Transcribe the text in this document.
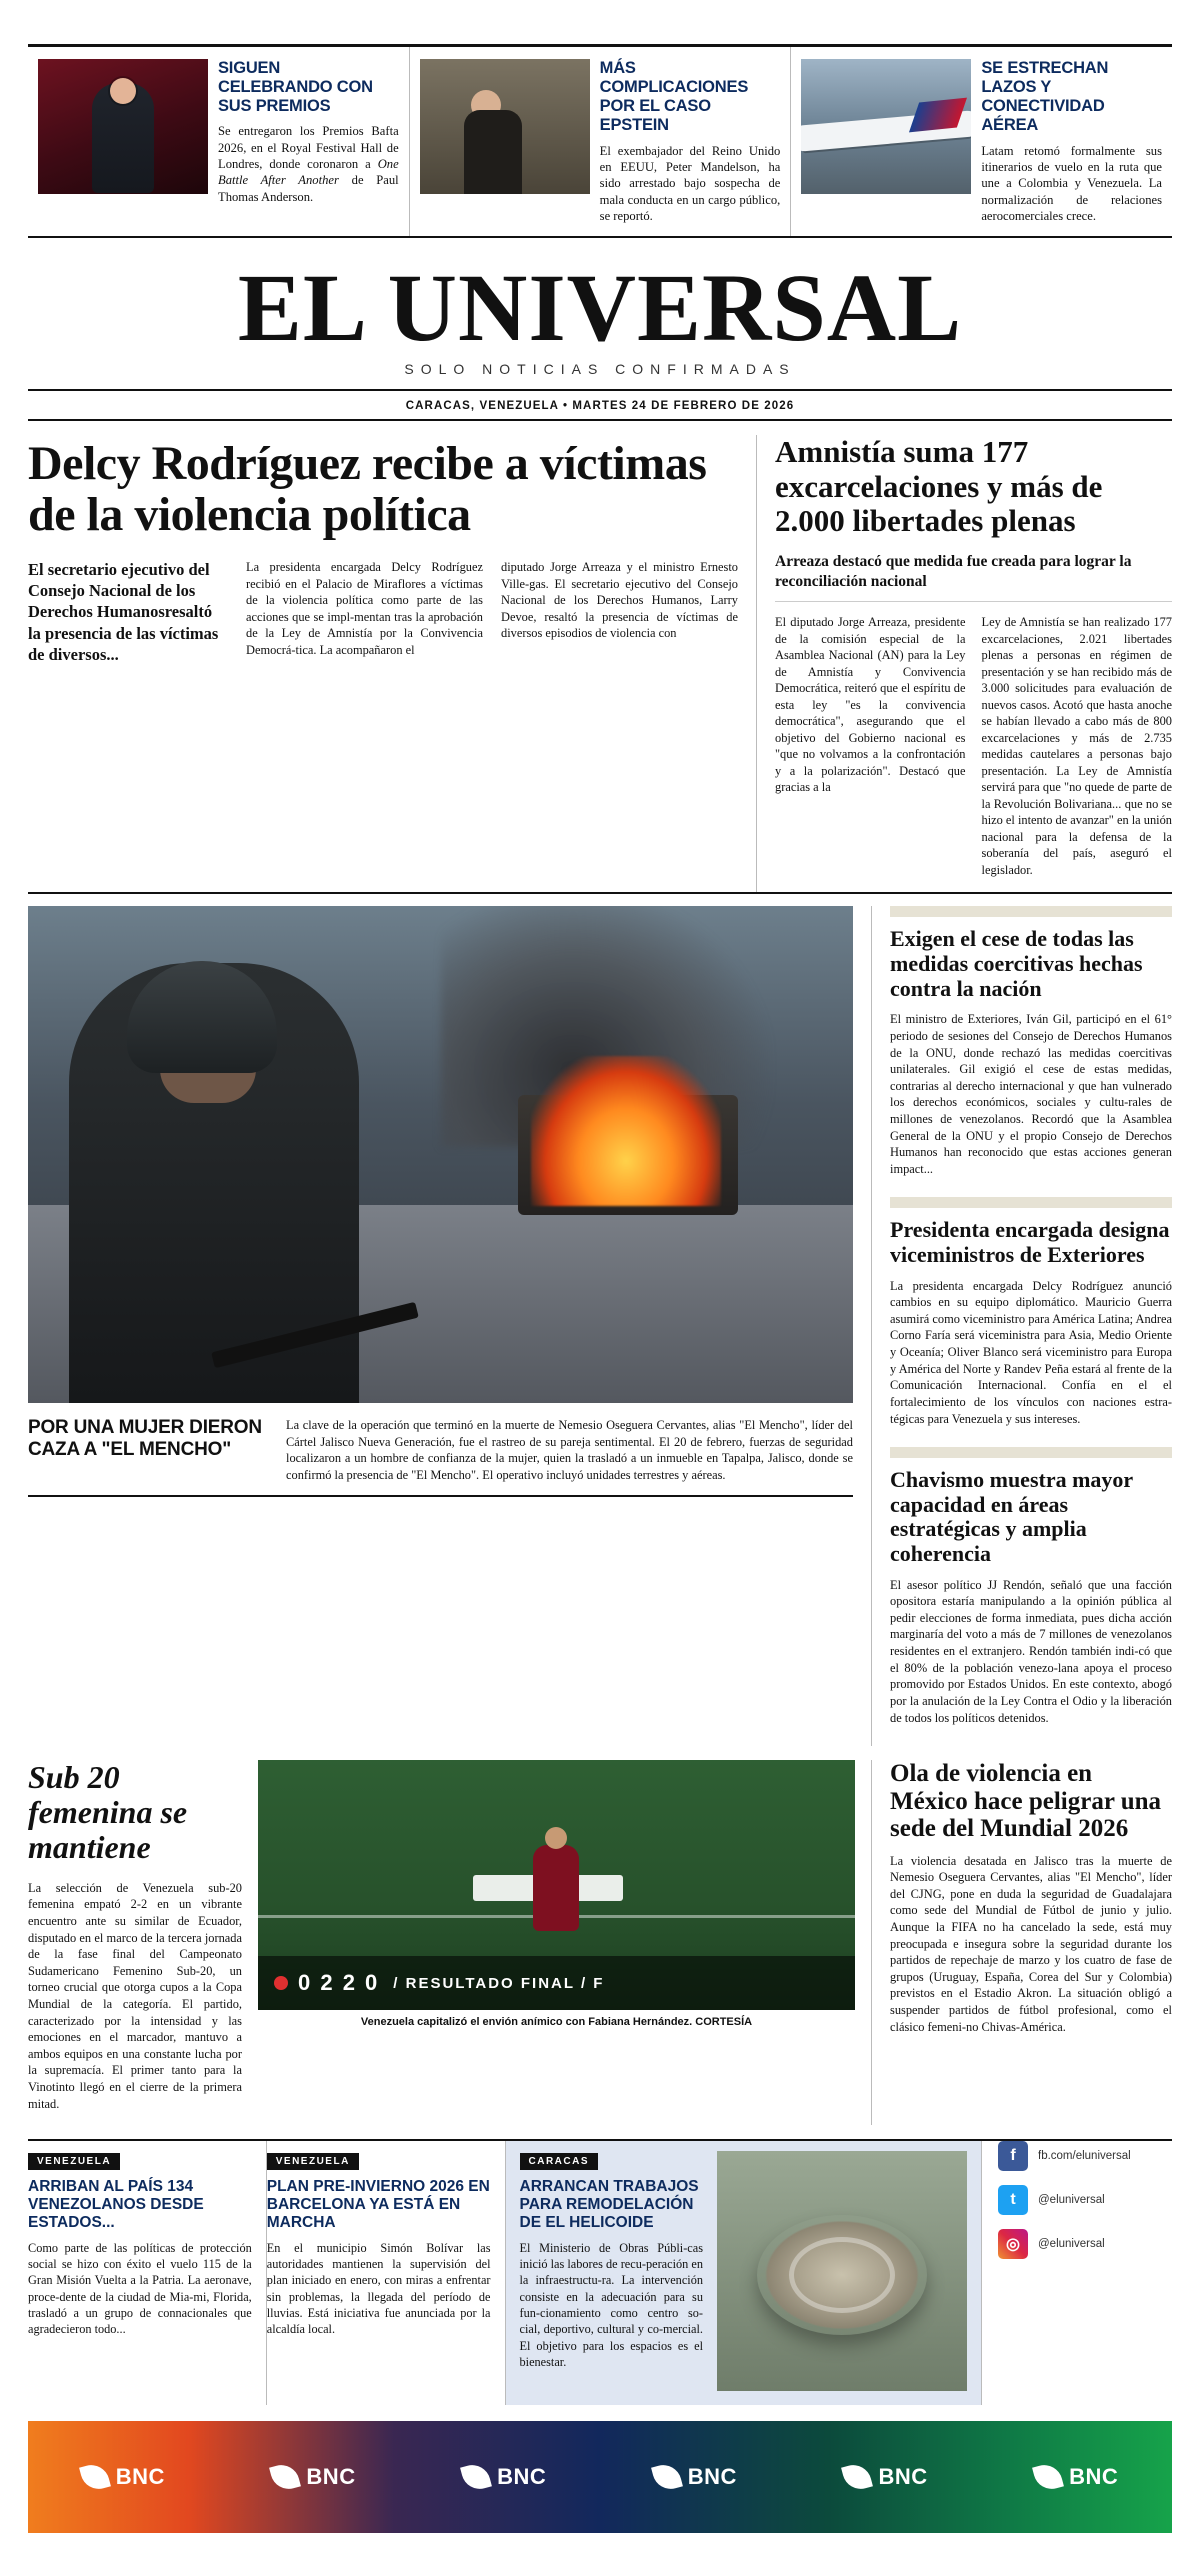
SIGUEN CELEBRANDO CON SUS PREMIOS

Se entregaron los Premios Bafta 2026, en el Royal Festival Hall de Londres, donde coronaron a One Battle After Another de Paul Thomas Anderson.

MÁS COMPLICACIONES POR EL CASO EPSTEIN

El exembajador del Reino Unido en EEUU, Peter Mandelson, ha sido arrestado bajo sospecha de mala conducta en un cargo público, se reportó.

SE ESTRECHAN LAZOS Y CONECTIVIDAD AÉREA

Latam retomó formalmente sus itinerarios de vuelo en la ruta que une a Colombia y Venezuela. La normalización de relaciones aerocomerciales crece.

EL UNIVERSAL
SOLO NOTICIAS CONFIRMADAS
CARACAS, VENEZUELA • MARTES 24 DE FEBRERO DE 2026
Delcy Rodríguez recibe a víctimas de la violencia política
El secretario ejecutivo del Consejo Nacional de los Derechos Humanosresaltó la presencia de las víctimas de diversos...
La presidenta encargada Delcy Rodríguez recibió en el Palacio de Miraflores a víctimas de la violencia política como parte de las acciones que se impl-mentan tras la aprobación de la Ley de Amnistía por la Convivencia Democrá-tica. La acompañaron el
diputado Jorge Arreaza y el ministro Ernesto Ville-gas. El secretario ejecutivo del Consejo Nacional de los Derechos Humanos, Larry Devoe, resaltó la presencia de víctimas de diversos episodios de violencia con
Amnistía suma 177 excarcelaciones y más de 2.000 libertades plenas
Arreaza destacó que medida fue creada para lograr la reconciliación nacional

El diputado Jorge Arreaza, presidente de la comisión especial de la Asamblea Nacional (AN) para la Ley de Amnistía y Convivencia Democrática, reiteró que el espíritu de esta ley "es la convivencia democrática", asegurando que el objetivo del Gobierno nacional es "que no volvamos a la confrontación y a la polarización". Destacó que gracias a la

Ley de Amnistía se han realizado 177 excarcelaciones, 2.021 libertades plenas a personas en régimen de presentación y se han recibido más de 3.000 solicitudes para evaluación de nuevos casos. Acotó que hasta anoche se habían llevado a cabo más de 800 excarcelaciones y más de 2.735 medidas cautelares a personas bajo presentación. La Ley de Amnistía servirá para que "no quede de parte de la Revolución Bolivariana... que no se hizo el intento de avanzar" en la unión nacional para la defensa de la soberanía del país, aseguró el legislador.

POR UNA MUJER DIERON CAZA A "EL MENCHO"
La clave de la operación que terminó en la muerte de Nemesio Oseguera Cervantes, alias "El Mencho", líder del Cártel Jalisco Nueva Generación, fue el rastreo de su pareja sentimental. El 20 de febrero, fuerzas de seguridad localizaron a un hombre de confianza de la mujer, quien la trasladó a un inmueble en Tapalpa, Jalisco, donde se confirmó la presencia de "El Mencho". El operativo incluyó unidades terrestres y aéreas.
Exigen el cese de todas las medidas coercitivas hechas contra la nación

El ministro de Exteriores, Iván Gil, participó en el 61° periodo de sesiones del Consejo de Derechos Humanos de la ONU, donde rechazó las medidas coercitivas unilaterales. Gil exigió el cese de estas medidas, contrarias al derecho internacional y que han vulnerado los derechos económicos, sociales y cultu-rales de millones de venezolanos. Recordó que la Asamblea General de la ONU y el propio Consejo de Derechos Humanos han reconocido que estas acciones generan impact...

Presidenta encargada designa viceministros de Exteriores

La presidenta encargada Delcy Rodríguez anunció cambios en su equipo diplomático. Mauricio Guerra asumirá como viceministro para América Latina; Andrea Corno Faría será viceministra para Asia, Medio Oriente y Oceanía; Oliver Blanco será viceministro para Europa y América del Norte y Randev Peña estará al frente de la Comunicación Internacional. Confía en el el fortalecimiento de los vínculos con naciones estra-tégicas para Venezuela y sus intereses.

Chavismo muestra mayor capacidad en áreas estratégicas y amplia coherencia

El asesor político JJ Rendón, señaló que una facción opositora estaría manipulando a la opinión pública al pedir elecciones de forma inmediata, pues dicha acción marginaría del voto a más de 7 millones de venezolanos residentes en el extranjero. Rendón también indi-có que el 80% de la población venezo-lana apoya el proceso promovido por Estados Unidos. En este contexto, abogó por la anulación de la Ley Contra el Odio y la liberación de todos los políticos detenidos.

Sub 20 femenina se mantiene

La selección de Venezuela sub-20 femenina empató 2-2 en un vibrante encuentro ante su similar de Ecuador, disputado en el marco de la tercera jornada de la fase final del Campeonato Sudamericano Femenino Sub-20, un torneo crucial que otorga cupos a la Copa Mundial de la categoría. El partido, caracterizado por la intensidad y las emociones en el marcador, mantuvo a ambos equipos en una constante lucha por la supremacía. El primer tanto para la Vinotinto llegó en el cierre de la primera mitad.

0 2 2 0 / RESULTADO FINAL / F
Venezuela capitalizó el envión anímico con Fabiana Hernández. CORTESÍA
Ola de violencia en México hace peligrar una sede del Mundial 2026

La violencia desatada en Jalisco tras la muerte de Nemesio Oseguera Cervantes, alias "El Mencho", líder del CJNG, pone en duda la seguridad de Guadalajara como sede del Mundial de Fútbol de junio y julio. Aunque la FIFA no ha cancelado la sede, está muy preocupada e insegura sobre la seguridad durante los partidos de repechaje de marzo y los cuatro de fase de grupos (Uruguay, España, Corea del Sur y Colombia) previstos en el Estadio Akron. La situación obligó a suspender partidos de fútbol profesional, como el clásico femeni-no Chivas-América.

VENEZUELA
ARRIBAN AL PAÍS 134 VENEZOLANOS DESDE ESTADOS...

Como parte de las políticas de protección social se hizo con éxito el vuelo 115 de la Gran Misión Vuelta a la Patria. La aeronave, proce-dente de la ciudad de Mia-mi, Florida, trasladó a un grupo de connacionales que agradecieron todo...

VENEZUELA
PLAN PRE-INVIERNO 2026 EN BARCELONA YA ESTÁ EN MARCHA

En el municipio Simón Bolívar las autoridades mantienen la supervisión del plan iniciado en enero, con miras a enfrentar sin problemas, la llegada del período de lluvias. Está iniciativa fue anunciada por la alcaldía local.

CARACAS
ARRANCAN TRABAJOS PARA REMODELACIÓN DE EL HELICOIDE

El Ministerio de Obras Públi-cas inició las labores de recu-peración en la infraestructu-ra. La intervención consiste en la adecuación para su fun-cionamiento como centro so-cial, deportivo, cultural y co-mercial. El objetivo para los espacios es el bienestar.

f fb.com/eluniversal
t @eluniversal
◎ @eluniversal
BNC	BNC	BNC	BNC	BNC	BNC
